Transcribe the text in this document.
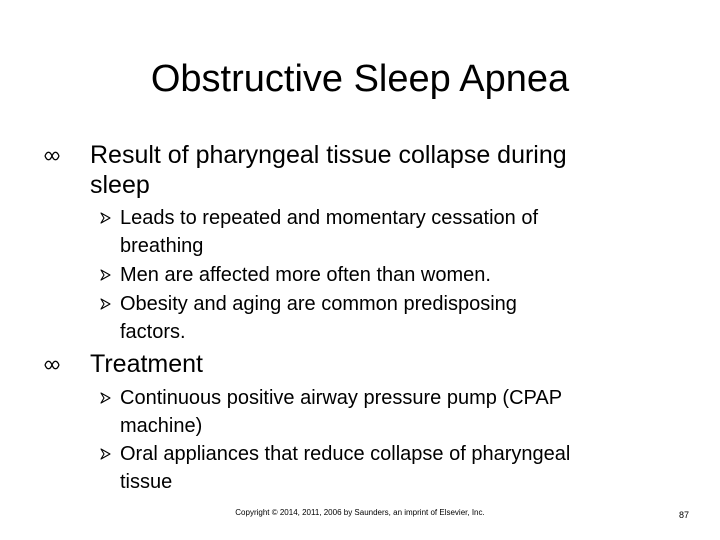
Obstructive Sleep Apnea
Result of pharyngeal tissue collapse during
sleep
Leads to repeated and momentary cessation of
breathing
Men are affected more often than women.
Obesity and aging are common predisposing
factors.
Treatment
Continuous positive airway pressure pump (CPAP
machine)
Oral appliances that reduce collapse of pharyngeal
tissue
Copyright © 2014, 2011, 2006 by Saunders, an imprint of Elsevier, Inc.	87
